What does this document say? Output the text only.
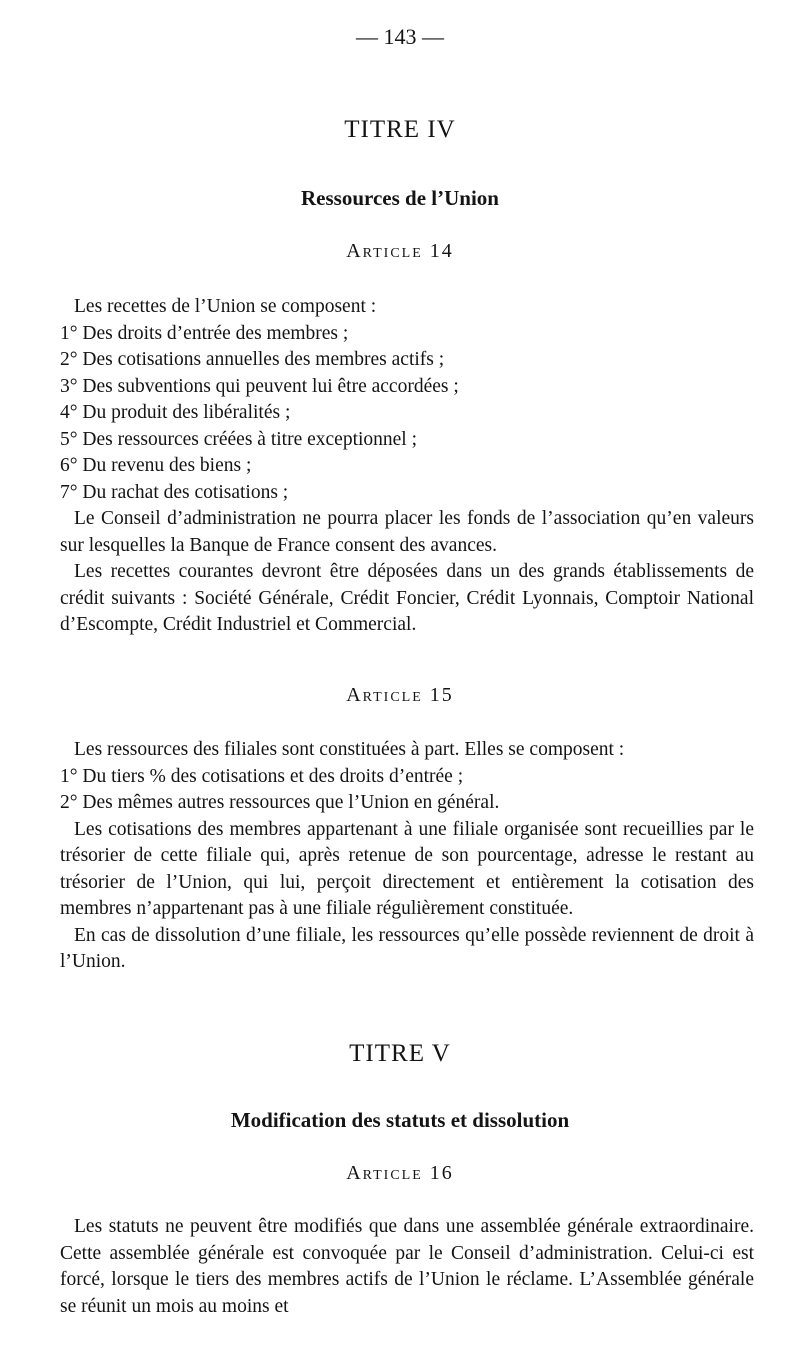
— 143 —
TITRE IV
Ressources de l’Union
Article 14

Les recettes de l’Union se composent :

1° Des droits d’entrée des membres ;

2° Des cotisations annuelles des membres actifs ;

3° Des subventions qui peuvent lui être accordées ;

4° Du produit des libéralités ;

5° Des ressources créées à titre exceptionnel ;

6° Du revenu des biens ;

7° Du rachat des cotisations ;

Le Conseil d’administration ne pourra placer les fonds de l’association qu’en valeurs sur lesquelles la Banque de France consent des avances.

Les recettes courantes devront être déposées dans un des grands établissements de crédit suivants : Société Générale, Crédit Foncier, Crédit Lyonnais, Comptoir National d’Escompte, Crédit Industriel et Commercial.

Article 15

Les ressources des filiales sont constituées à part. Elles se composent :

1° Du tiers % des cotisations et des droits d’entrée ;

2° Des mêmes autres ressources que l’Union en général.

Les cotisations des membres appartenant à une filiale organisée sont recueillies par le trésorier de cette filiale qui, après retenue de son pourcentage, adresse le restant au trésorier de l’Union, qui lui, perçoit directement et entièrement la cotisation des membres n’appartenant pas à une filiale régulièrement constituée.

En cas de dissolution d’une filiale, les ressources qu’elle possède reviennent de droit à l’Union.

TITRE V
Modification des statuts et dissolution
Article 16

Les statuts ne peuvent être modifiés que dans une assemblée générale extraordinaire. Cette assemblée générale est convoquée par le Conseil d’administration. Celui-ci est forcé, lorsque le tiers des membres actifs de l’Union le réclame. L’Assemblée générale se réunit un mois au moins et
